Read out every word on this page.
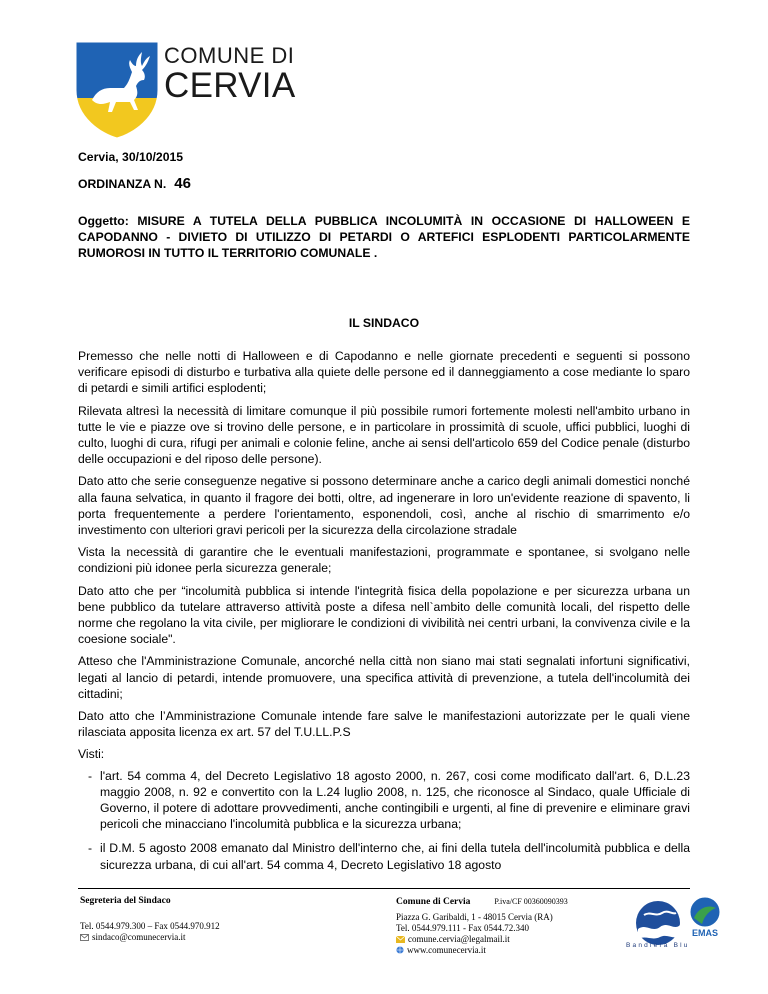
COMUNE DI
CERVIA
Cervia, 30/10/2015
ORDINANZA N. 46
Oggetto: MISURE A TUTELA DELLA PUBBLICA INCOLUMITÀ IN OCCASIONE DI HALLOWEEN E CAPODANNO - DIVIETO DI UTILIZZO DI PETARDI O ARTEFICI ESPLODENTI PARTICOLARMENTE RUMOROSI IN TUTTO IL TERRITORIO COMUNALE .
IL SINDACO

Premesso che nelle notti di Halloween e di Capodanno e nelle giornate precedenti e seguenti si possono verificare episodi di disturbo e turbativa alla quiete delle persone ed il danneggiamento a cose mediante lo sparo di petardi e simili artifici esplodenti;

Rilevata altresì la necessità di limitare comunque il più possibile rumori fortemente molesti nell'ambito urbano in tutte le vie e piazze ove si trovino delle persone, e in particolare in prossimità di scuole, uffici pubblici, luoghi di culto, luoghi di cura, rifugi per animali e colonie feline, anche ai sensi dell'articolo 659 del Codice penale (disturbo delle occupazioni e del riposo delle persone).

Dato atto che serie conseguenze negative si possono determinare anche a carico degli animali domestici nonché alla fauna selvatica, in quanto il fragore dei botti, oltre, ad ingenerare in loro un'evidente reazione di spavento, li porta frequentemente a perdere l'orientamento, esponendoli, così, anche al rischio di smarrimento e/o investimento con ulteriori gravi pericoli per la sicurezza della circolazione stradale

Vista la necessità di garantire che le eventuali manifestazioni, programmate e spontanee, si svolgano nelle condizioni più idonee perla sicurezza generale;

Dato atto che per “incolumità pubblica si intende l'integrità fisica della popolazione e per sicurezza urbana un bene pubblico da tutelare attraverso attività poste a difesa nell`ambito delle comunità locali, del rispetto delle norme che regolano la vita civile, per migliorare le condizioni di vivibilità nei centri urbani, la convivenza civile e la coesione sociale".

Atteso che l'Amministrazione Comunale, ancorché nella città non siano mai stati segnalati infortuni significativi, legati al lancio di petardi, intende promuovere, una specifica attività di prevenzione, a tutela dell'incolumità dei cittadini;

Dato atto che l’Amministrazione Comunale intende fare salve le manifestazioni autorizzate per le quali viene rilasciata apposita licenza ex art. 57 del T.U.LL.P.S

Visti:

- l'art. 54 comma 4, del Decreto Legislativo 18 agosto 2000, n. 267, cosi come modificato dall'art. 6, D.L.23 maggio 2008, n. 92 e convertito con la L.24 luglio 2008, n. 125, che riconosce al Sindaco, quale Ufficiale di Governo, il potere di adottare provvedimenti, anche contingibili e urgenti, al fine di prevenire e eliminare gravi pericoli che minacciano l'incolumità pubblica e la sicurezza urbana;
- il D.M. 5 agosto 2008 emanato dal Ministro dell'interno che, ai fini della tutela dell'incolumità pubblica e della sicurezza urbana, di cui all'art. 54 comma 4, Decreto Legislativo 18 agosto
Segreteria del Sindaco
Tel. 0544.979.300 – Fax 0544.970.912
sindaco@comunecervia.it
Comune di Cervia	P.iva/CF 00360090393
Piazza G. Garibaldi, 1 - 48015 Cervia (RA)
Tel. 0544.979.111 - Fax 0544.72.340
comune.cervia@legalmail.it
www.comunecervia.it	Bandiera Blu
EMAS
